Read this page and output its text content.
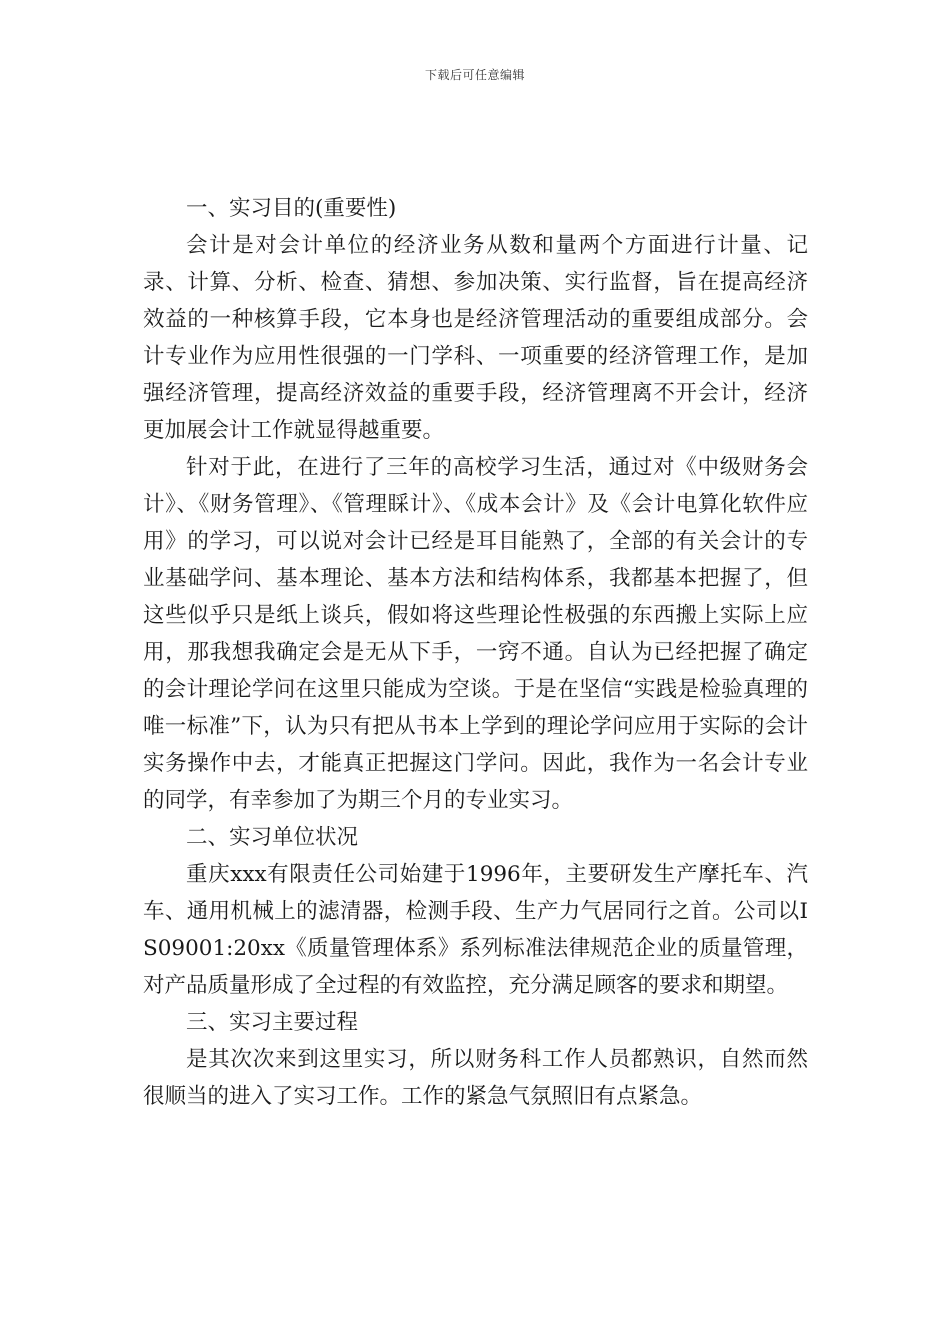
下载后可任意编辑

一、实习目的(重要性)

会计是对会计单位的经济业务从数和量两个方面进行计量、记录、计算、分析、检查、猜想、参加决策、实行监督，旨在提高经济效益的一种核算手段，它本身也是经济管理活动的重要组成部分。会计专业作为应用性很强的一门学科、一项重要的经济管理工作，是加强经济管理，提高经济效益的重要手段，经济管理离不开会计，经济更加展会计工作就显得越重要。

针对于此，在进行了三年的高校学习生活，通过对《中级财务会计》、《财务管理》、《管理睬计》、《成本会计》及《会计电算化软件应用》的学习，可以说对会计已经是耳目能熟了，全部的有关会计的专业基础学问、基本理论、基本方法和结构体系，我都基本把握了，但这些似乎只是纸上谈兵，假如将这些理论性极强的东西搬上实际上应用，那我想我确定会是无从下手，一窍不通。自认为已经把握了确定的会计理论学问在这里只能成为空谈。于是在坚信“实践是检验真理的唯一标准”下，认为只有把从书本上学到的理论学问应用于实际的会计实务操作中去，才能真正把握这门学问。因此，我作为一名会计专业的同学，有幸参加了为期三个月的专业实习。

二、实习单位状况

重庆xxx有限责任公司始建于1996年，主要研发生产摩托车、汽车、通用机械上的滤清器，检测手段、生产力气居同行之首。公司以IS09001:20xx《质量管理体系》系列标准法律规范企业的质量管理，对产品质量形成了全过程的有效监控，充分满足顾客的要求和期望。

三、实习主要过程

是其次次来到这里实习，所以财务科工作人员都熟识，自然而然很顺当的进入了实习工作。工作的紧急气氛照旧有点紧急。
